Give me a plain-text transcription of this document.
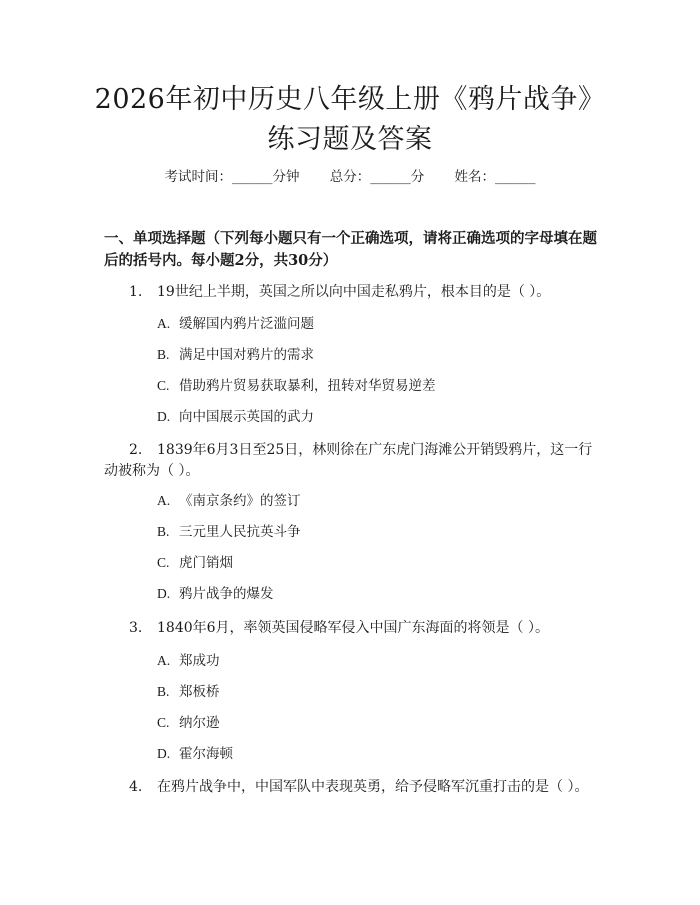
2026年初中历史八年级上册《鸦片战争》练习题及答案
考试时间：______分钟 总分：______分 姓名：______
一、单项选择题（下列每小题只有一个正确选项，请将正确选项的字母填在题后的括号内。每小题2分，共30分）
1. 19世纪上半期，英国之所以向中国走私鸦片，根本目的是（ ）。
A. 缓解国内鸦片泛滥问题
B. 满足中国对鸦片的需求
C. 借助鸦片贸易获取暴利，扭转对华贸易逆差
D. 向中国展示英国的武力
2. 1839年6月3日至25日，林则徐在广东虎门海滩公开销毁鸦片，这一行动被称为（ ）。
A. 《南京条约》的签订
B. 三元里人民抗英斗争
C. 虎门销烟
D. 鸦片战争的爆发
3. 1840年6月，率领英国侵略军侵入中国广东海面的将领是（ ）。
A. 郑成功
B. 郑板桥
C. 纳尔逊
D. 霍尔海顿
4. 在鸦片战争中，中国军队中表现英勇，给予侵略军沉重打击的是（ ）。
